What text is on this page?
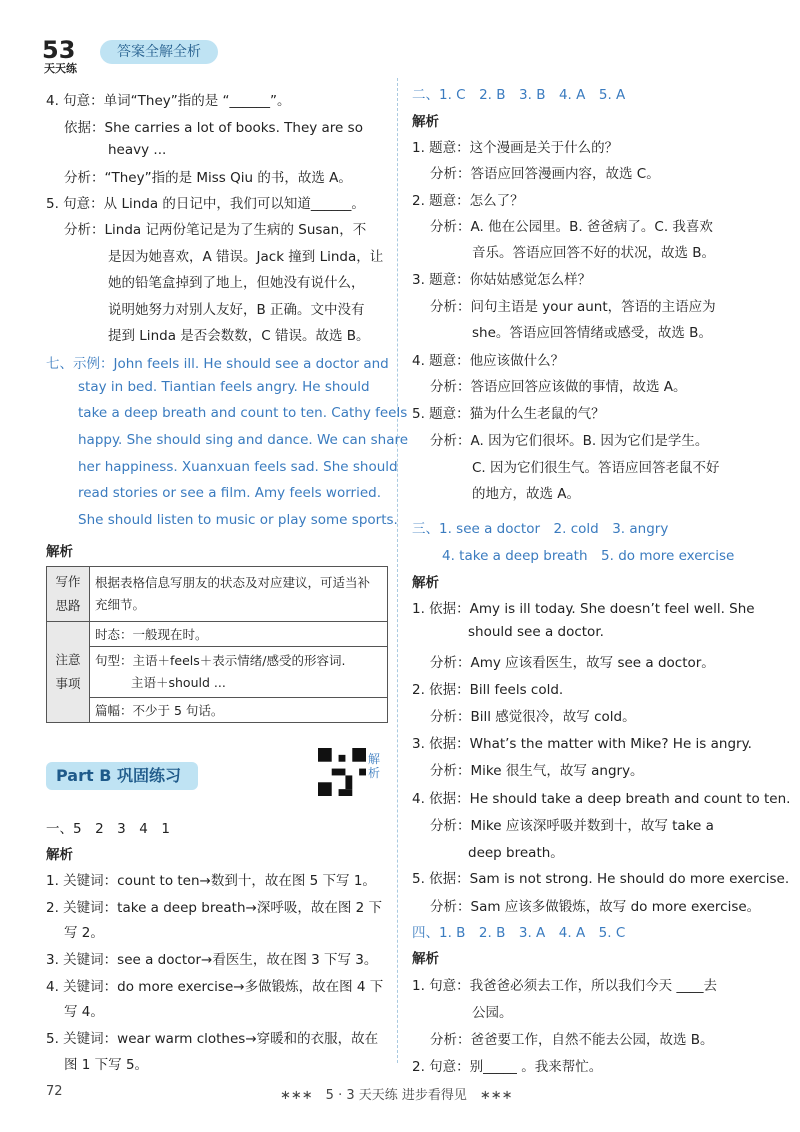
53
天天练
答案全解全析
4. 句意：单词“They”指的是 “______”。
依据：She carries a lot of books. They are so
heavy ...
分析：“They”指的是 Miss Qiu 的书，故选 A。
5. 句意：从 Linda 的日记中，我们可以知道______。
分析：Linda 记两份笔记是为了生病的 Susan，不
是因为她喜欢，A 错误。Jack 撞到 Linda，让
她的铅笔盒掉到了地上，但她没有说什么，
说明她努力对别人友好，B 正确。文中没有
提到 Linda 是否会数数，C 错误。故选 B。
七、示例：John feels ill. He should see a doctor and
stay in bed. Tiantian feels angry. He should
take a deep breath and count to ten. Cathy feels
happy. She should sing and dance. We can share
her happiness. Xuanxuan feels sad. She should
read stories or see a film. Amy feels worried.
She should listen to music or play some sports.
解析
写作思路	根据表格信息写朋友的状态及对应建议，可适当补充细节。
注意事项	时态：一般现在时。

	句型：主语＋feels＋表示情绪/感受的形容词.
主语＋should ...

	篇幅：不少于 5 句话。
Part B 巩固练习
解析
一、5　2　3　4　1
解析
1. 关键词：count to ten→数到十，故在图 5 下写 1。
2. 关键词：take a deep breath→深呼吸，故在图 2 下
写 2。
3. 关键词：see a doctor→看医生，故在图 3 下写 3。
4. 关键词：do more exercise→多做锻炼，故在图 4 下
写 4。
5. 关键词：wear warm clothes→穿暖和的衣服，故在
图 1 下写 5。
二、1. C　2. B　3. B　4. A　5. A
解析
1. 题意：这个漫画是关于什么的？
分析：答语应回答漫画内容，故选 C。
2. 题意：怎么了？
分析：A. 他在公园里。B. 爸爸病了。C. 我喜欢
音乐。答语应回答不好的状况，故选 B。
3. 题意：你姑姑感觉怎么样？
分析：问句主语是 your aunt，答语的主语应为
she。答语应回答情绪或感受，故选 B。
4. 题意：他应该做什么？
分析：答语应回答应该做的事情，故选 A。
5. 题意：猫为什么生老鼠的气？
分析：A. 因为它们很坏。B. 因为它们是学生。
C. 因为它们很生气。答语应回答老鼠不好
的地方，故选 A。
三、1. see a doctor　2. cold　3. angry
4. take a deep breath　5. do more exercise
解析
1. 依据：Amy is ill today. She doesn’t feel well. She
should see a doctor.
分析：Amy 应该看医生，故写 see a doctor。
2. 依据：Bill feels cold.
分析：Bill 感觉很冷，故写 cold。
3. 依据：What’s the matter with Mike? He is angry.
分析：Mike 很生气，故写 angry。
4. 依据：He should take a deep breath and count to ten.
分析：Mike 应该深呼吸并数到十，故写 take a
deep breath。
5. 依据：Sam is not strong. He should do more exercise.
分析：Sam 应该多做锻炼，故写 do more exercise。
四、1. B　2. B　3. A　4. A　5. C
解析
1. 句意：我爸爸必须去工作，所以我们今天 ____去
公园。
分析：爸爸要工作，自然不能去公园，故选 B。
2. 句意：别_____ 。我来帮忙。
72	∗∗∗　5 · 3 天天练 进步看得见　∗∗∗
